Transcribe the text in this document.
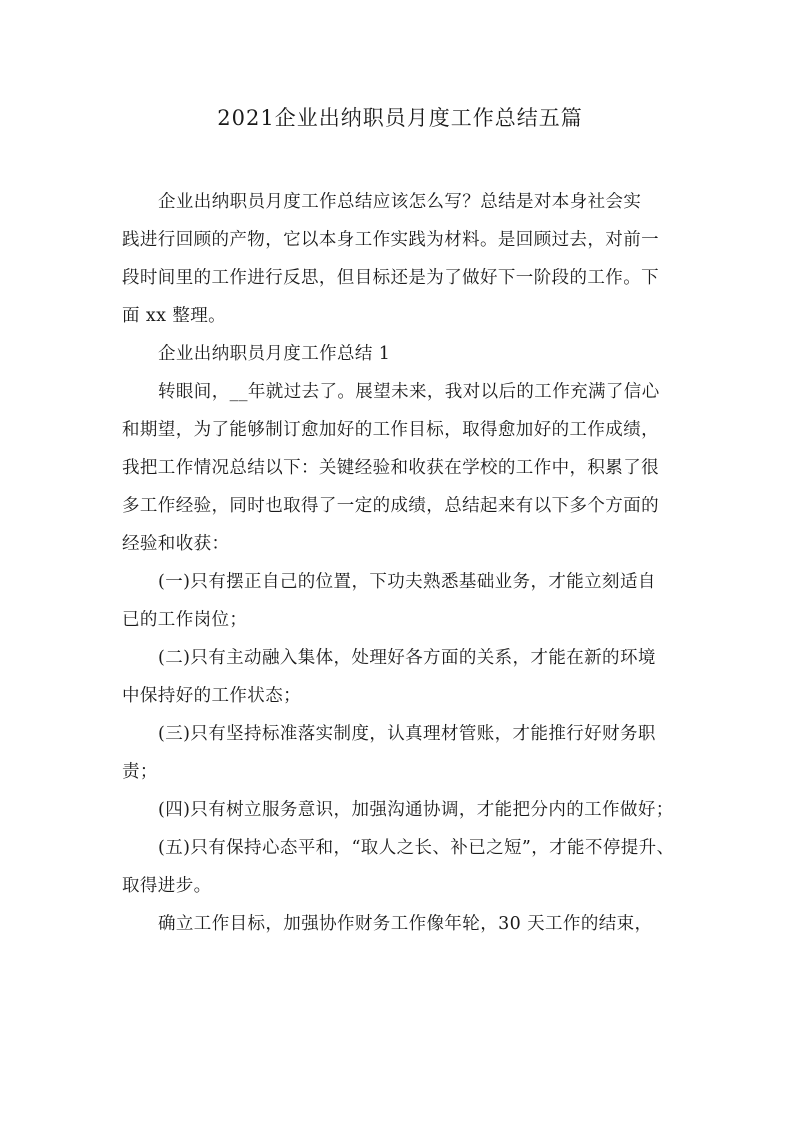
2021企业出纳职员月度工作总结五篇
企业出纳职员月度工作总结应该怎么写？总结是对本身社会实
践进行回顾的产物，它以本身工作实践为材料。是回顾过去，对前一
段时间里的工作进行反思，但目标还是为了做好下一阶段的工作。下
面 xx 整理。
企业出纳职员月度工作总结 1
转眼间，__年就过去了。展望未来，我对以后的工作充满了信心
和期望，为了能够制订愈加好的工作目标，取得愈加好的工作成绩，
我把工作情况总结以下：关键经验和收获在学校的工作中，积累了很
多工作经验，同时也取得了一定的成绩，总结起来有以下多个方面的
经验和收获：
(一)只有摆正自己的位置，下功夫熟悉基础业务，才能立刻适自
已的工作岗位；
(二)只有主动融入集体，处理好各方面的关系，才能在新的环境
中保持好的工作状态；
(三)只有坚持标准落实制度，认真理材管账，才能推行好财务职
责；
(四)只有树立服务意识，加强沟通协调，才能把分内的工作做好；
(五)只有保持心态平和，“取人之长、补已之短”，才能不停提升、
取得进步。
确立工作目标，加强协作财务工作像年轮，30 天工作的结束，
